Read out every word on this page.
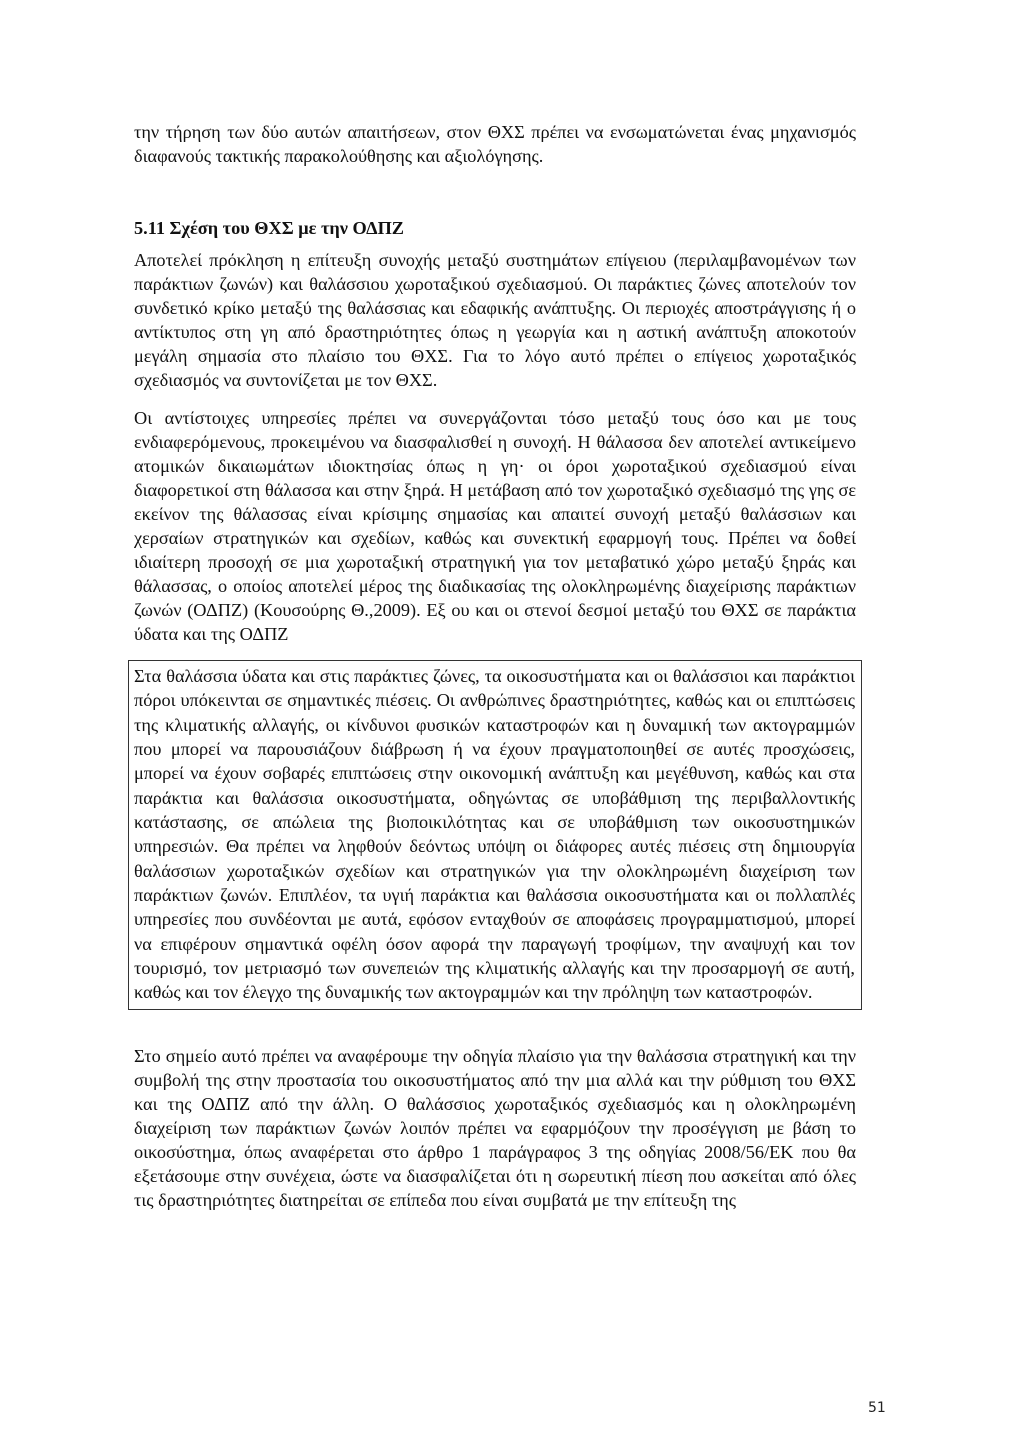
την τήρηση των δύο αυτών απαιτήσεων, στον ΘΧΣ πρέπει να ενσωματώνεται ένας μηχανισμός διαφανούς τακτικής παρακολούθησης και αξιολόγησης.

5.11 Σχέση του ΘΧΣ με την ΟΔΠΖ

Αποτελεί πρόκληση η επίτευξη συνοχής μεταξύ συστημάτων επίγειου (περιλαμβανομένων των παράκτιων ζωνών) και θαλάσσιου χωροταξικού σχεδιασμού. Οι παράκτιες ζώνες αποτελούν τον συνδετικό κρίκο μεταξύ της θαλάσσιας και εδαφικής ανάπτυξης. Οι περιοχές αποστράγγισης ή ο αντίκτυπος στη γη από δραστηριότητες όπως η γεωργία και η αστική ανάπτυξη αποκοτούν μεγάλη σημασία στο πλαίσιο του ΘΧΣ. Για το λόγο αυτό πρέπει ο επίγειος χωροταξικός σχεδιασμός να συντονίζεται με τον ΘΧΣ.

Οι αντίστοιχες υπηρεσίες πρέπει να συνεργάζονται τόσο μεταξύ τους όσο και με τους ενδιαφερόμενους, προκειμένου να διασφαλισθεί η συνοχή. Η θάλασσα δεν αποτελεί αντικείμενο ατομικών δικαιωμάτων ιδιοκτησίας όπως η γη· οι όροι χωροταξικού σχεδιασμού είναι διαφορετικοί στη θάλασσα και στην ξηρά. Η μετάβαση από τον χωροταξικό σχεδιασμό της γης σε εκείνον της θάλασσας είναι κρίσιμης σημασίας και απαιτεί συνοχή μεταξύ θαλάσσιων και χερσαίων στρατηγικών και σχεδίων, καθώς και συνεκτική εφαρμογή τους. Πρέπει να δοθεί ιδιαίτερη προσοχή σε μια χωροταξική στρατηγική για τον μεταβατικό χώρο μεταξύ ξηράς και θάλασσας, ο οποίος αποτελεί μέρος της διαδικασίας της ολοκληρωμένης διαχείρισης παράκτιων ζωνών (ΟΔΠΖ) (Κουσούρης Θ.,2009). Εξ ου και οι στενοί δεσμοί μεταξύ του ΘΧΣ σε παράκτια ύδατα και της ΟΔΠΖ

Στα θαλάσσια ύδατα και στις παράκτιες ζώνες, τα οικοσυστήματα και οι θαλάσσιοι και παράκτιοι πόροι υπόκεινται σε σημαντικές πιέσεις. Οι ανθρώπινες δραστηριότητες, καθώς και οι επιπτώσεις της κλιματικής αλλαγής, οι κίνδυνοι φυσικών καταστροφών και η δυναμική των ακτογραμμών που μπορεί να παρουσιάζουν διάβρωση ή να έχουν πραγματοποιηθεί σε αυτές προσχώσεις, μπορεί να έχουν σοβαρές επιπτώσεις στην οικονομική ανάπτυξη και μεγέθυνση, καθώς και στα παράκτια και θαλάσσια οικοσυστήματα, οδηγώντας σε υποβάθμιση της περιβαλλοντικής κατάστασης, σε απώλεια της βιοποικιλότητας και σε υποβάθμιση των οικοσυστημικών υπηρεσιών. Θα πρέπει να ληφθούν δεόντως υπόψη οι διάφορες αυτές πιέσεις στη δημιουργία θαλάσσιων χωροταξικών σχεδίων και στρατηγικών για την ολοκληρωμένη διαχείριση των παράκτιων ζωνών. Επιπλέον, τα υγιή παράκτια και θαλάσσια οικοσυστήματα και οι πολλαπλές υπηρεσίες που συνδέονται με αυτά, εφόσον ενταχθούν σε αποφάσεις προγραμματισμού, μπορεί να επιφέρουν σημαντικά οφέλη όσον αφορά την παραγωγή τροφίμων, την αναψυχή και τον τουρισμό, τον μετριασμό των συνεπειών της κλιματικής αλλαγής και την προσαρμογή σε αυτή, καθώς και τον έλεγχο της δυναμικής των ακτογραμμών και την πρόληψη των καταστροφών.

Στο σημείο αυτό πρέπει να αναφέρουμε την οδηγία πλαίσιο για την θαλάσσια στρατηγική και την συμβολή της στην προστασία του οικοσυστήματος από την μια αλλά και την ρύθμιση του ΘΧΣ και της ΟΔΠΖ από την άλλη. Ο θαλάσσιος χωροταξικός σχεδιασμός και η ολοκληρωμένη διαχείριση των παράκτιων ζωνών λοιπόν πρέπει να εφαρμόζουν την προσέγγιση με βάση το οικοσύστημα, όπως αναφέρεται στο άρθρο 1 παράγραφος 3 της οδηγίας 2008/56/ΕΚ που θα εξετάσουμε στην συνέχεια, ώστε να διασφαλίζεται ότι η σωρευτική πίεση που ασκείται από όλες τις δραστηριότητες διατηρείται σε επίπεδα που είναι συμβατά με την επίτευξη της

51
